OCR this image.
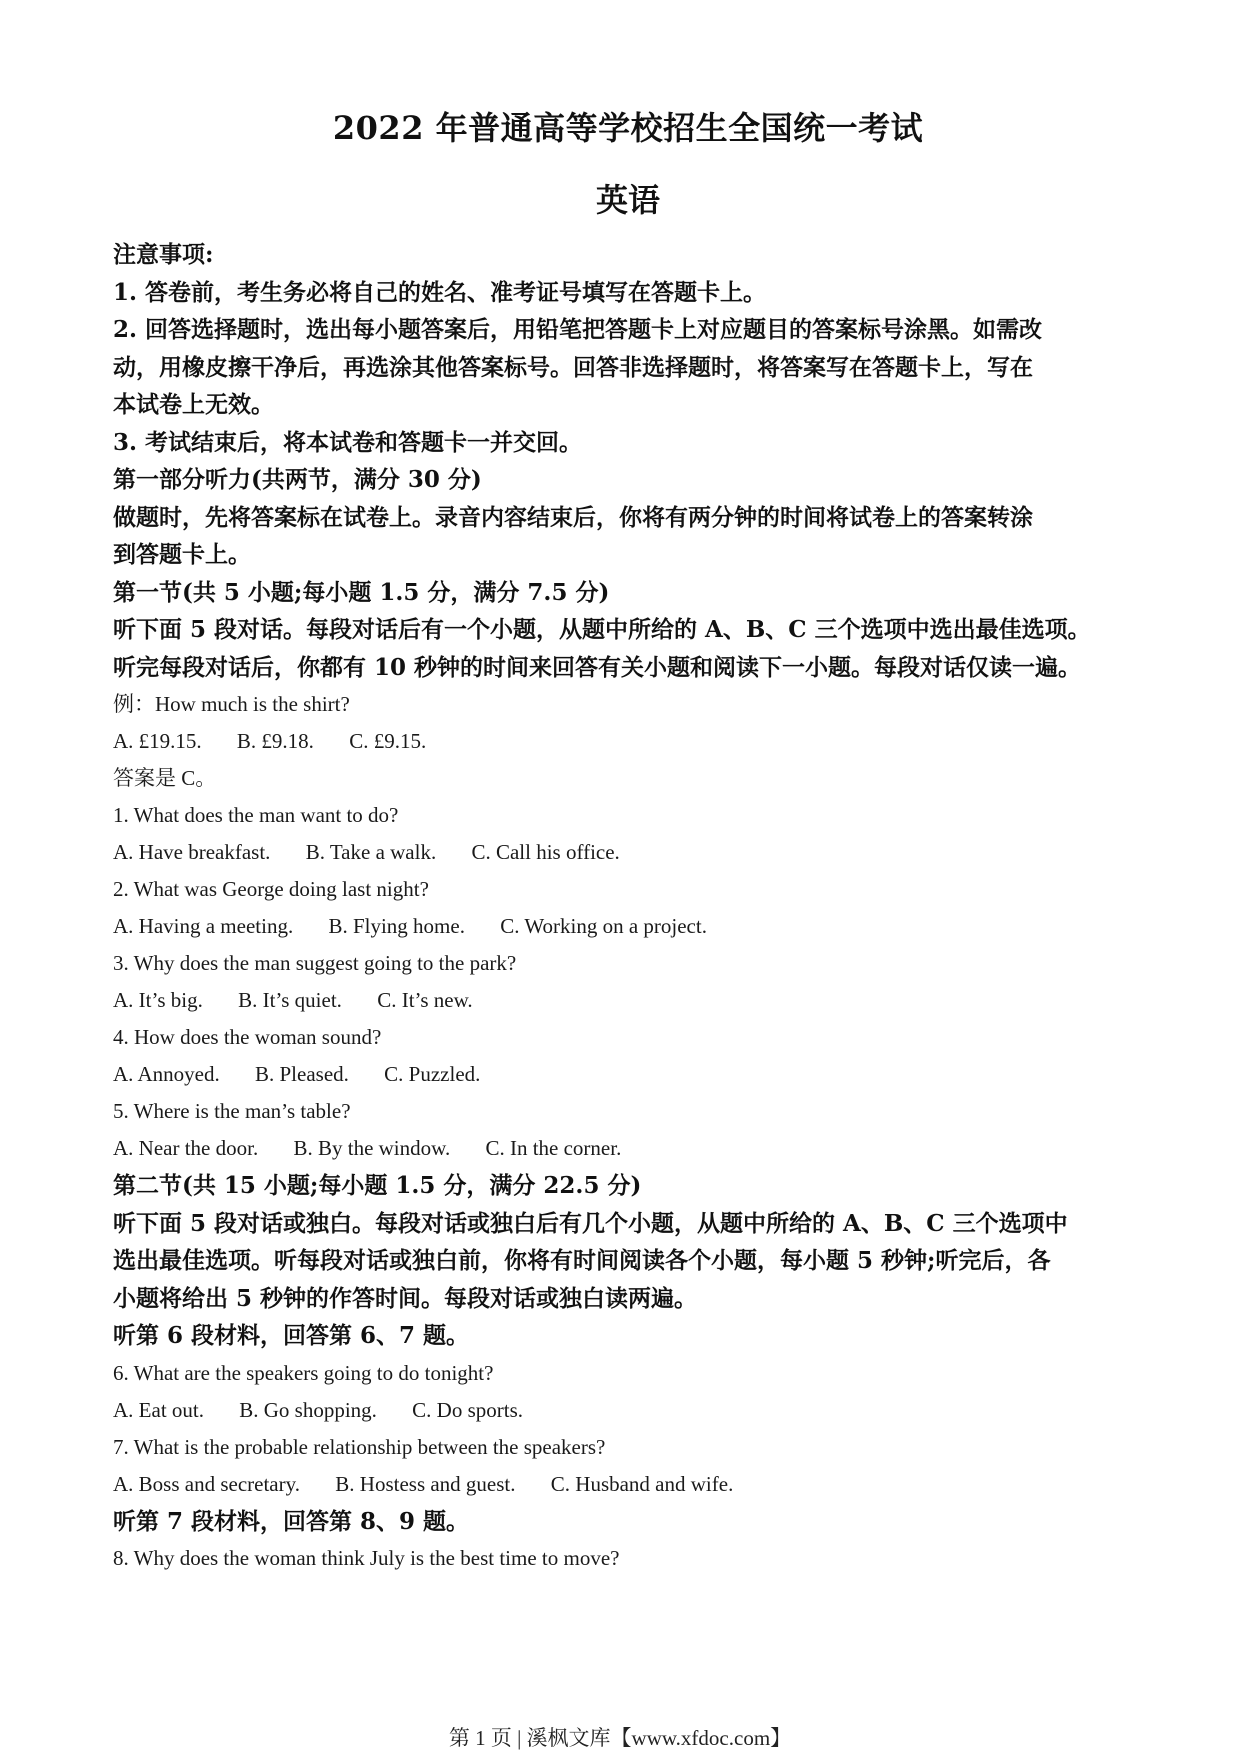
2022 年普通高等学校招生全国统一考试
英语

注意事项:

1. 答卷前，考生务必将自己的姓名、准考证号填写在答题卡上。

2. 回答选择题时，选出每小题答案后，用铅笔把答题卡上对应题目的答案标号涂黑。如需改

动，用橡皮擦干净后，再选涂其他答案标号。回答非选择题时，将答案写在答题卡上，写在

本试卷上无效。

3. 考试结束后，将本试卷和答题卡一并交回。

第一部分听力(共两节，满分 30 分)

做题时，先将答案标在试卷上。录音内容结束后，你将有两分钟的时间将试卷上的答案转涂

到答题卡上。

第一节(共 5 小题;每小题 1.5 分，满分 7.5 分)

听下面 5 段对话。每段对话后有一个小题，从题中所给的 A、B、C 三个选项中选出最佳选项。

听完每段对话后，你都有 10 秒钟的时间来回答有关小题和阅读下一小题。每段对话仅读一遍。

例：How much is the shirt?

A. £19.15. B. £9.18. C. £9.15.

答案是 C。

1. What does the man want to do?

A. Have breakfast. B. Take a walk. C. Call his office.

2. What was George doing last night?

A. Having a meeting. B. Flying home. C. Working on a project.

3. Why does the man suggest going to the park?

A. It’s big. B. It’s quiet. C. It’s new.

4. How does the woman sound?

A. Annoyed. B. Pleased. C. Puzzled.

5. Where is the man’s table?

A. Near the door. B. By the window. C. In the corner.

第二节(共 15 小题;每小题 1.5 分，满分 22.5 分)

听下面 5 段对话或独白。每段对话或独白后有几个小题，从题中所给的 A、B、C 三个选项中

选出最佳选项。听每段对话或独白前，你将有时间阅读各个小题，每小题 5 秒钟;听完后，各

小题将给出 5 秒钟的作答时间。每段对话或独白读两遍。

听第 6 段材料，回答第 6、7 题。

6. What are the speakers going to do tonight?

A. Eat out. B. Go shopping. C. Do sports.

7. What is the probable relationship between the speakers?

A. Boss and secretary. B. Hostess and guest. C. Husband and wife.

听第 7 段材料，回答第 8、9 题。

8. Why does the woman think July is the best time to move?

第 1 页 | 溪枫文库【www.xfdoc.com】
